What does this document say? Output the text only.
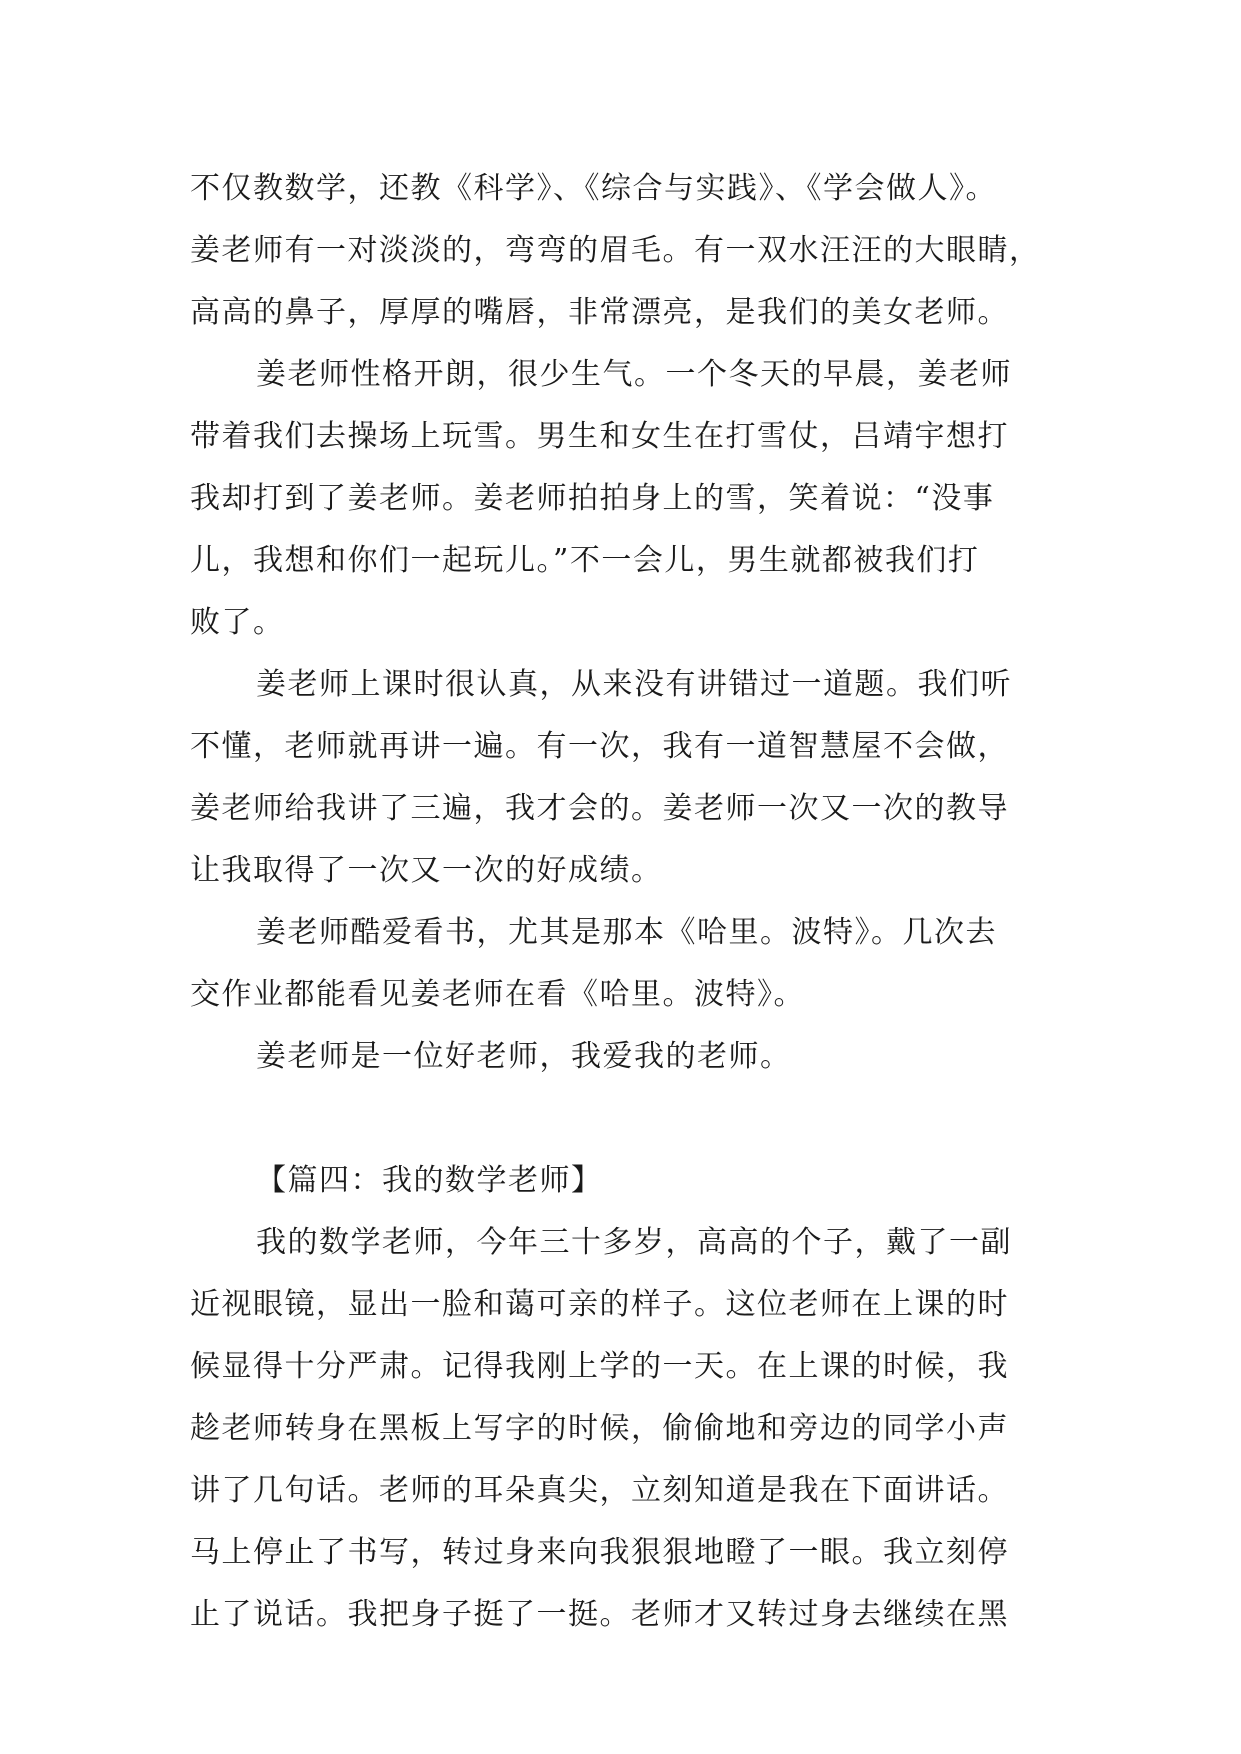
不仅教数学，还教《科学》、《综合与实践》、《学会做人》。
姜老师有一对淡淡的，弯弯的眉毛。有一双水汪汪的大眼睛，
高高的鼻子，厚厚的嘴唇，非常漂亮，是我们的美女老师。
姜老师性格开朗，很少生气。一个冬天的早晨，姜老师
带着我们去操场上玩雪。男生和女生在打雪仗，吕靖宇想打
我却打到了姜老师。姜老师拍拍身上的雪，笑着说：“没事
儿，我想和你们一起玩儿。”不一会儿，男生就都被我们打
败了。
姜老师上课时很认真，从来没有讲错过一道题。我们听
不懂，老师就再讲一遍。有一次，我有一道智慧屋不会做，
姜老师给我讲了三遍，我才会的。姜老师一次又一次的教导
让我取得了一次又一次的好成绩。
姜老师酷爱看书，尤其是那本《哈里。波特》。几次去
交作业都能看见姜老师在看《哈里。波特》。
姜老师是一位好老师，我爱我的老师。
【篇四：我的数学老师】
我的数学老师，今年三十多岁，高高的个子，戴了一副
近视眼镜，显出一脸和蔼可亲的样子。这位老师在上课的时
候显得十分严肃。记得我刚上学的一天。在上课的时候，我
趁老师转身在黑板上写字的时候，偷偷地和旁边的同学小声
讲了几句话。老师的耳朵真尖，立刻知道是我在下面讲话。
马上停止了书写，转过身来向我狠狠地瞪了一眼。我立刻停
止了说话。我把身子挺了一挺。老师才又转过身去继续在黑
